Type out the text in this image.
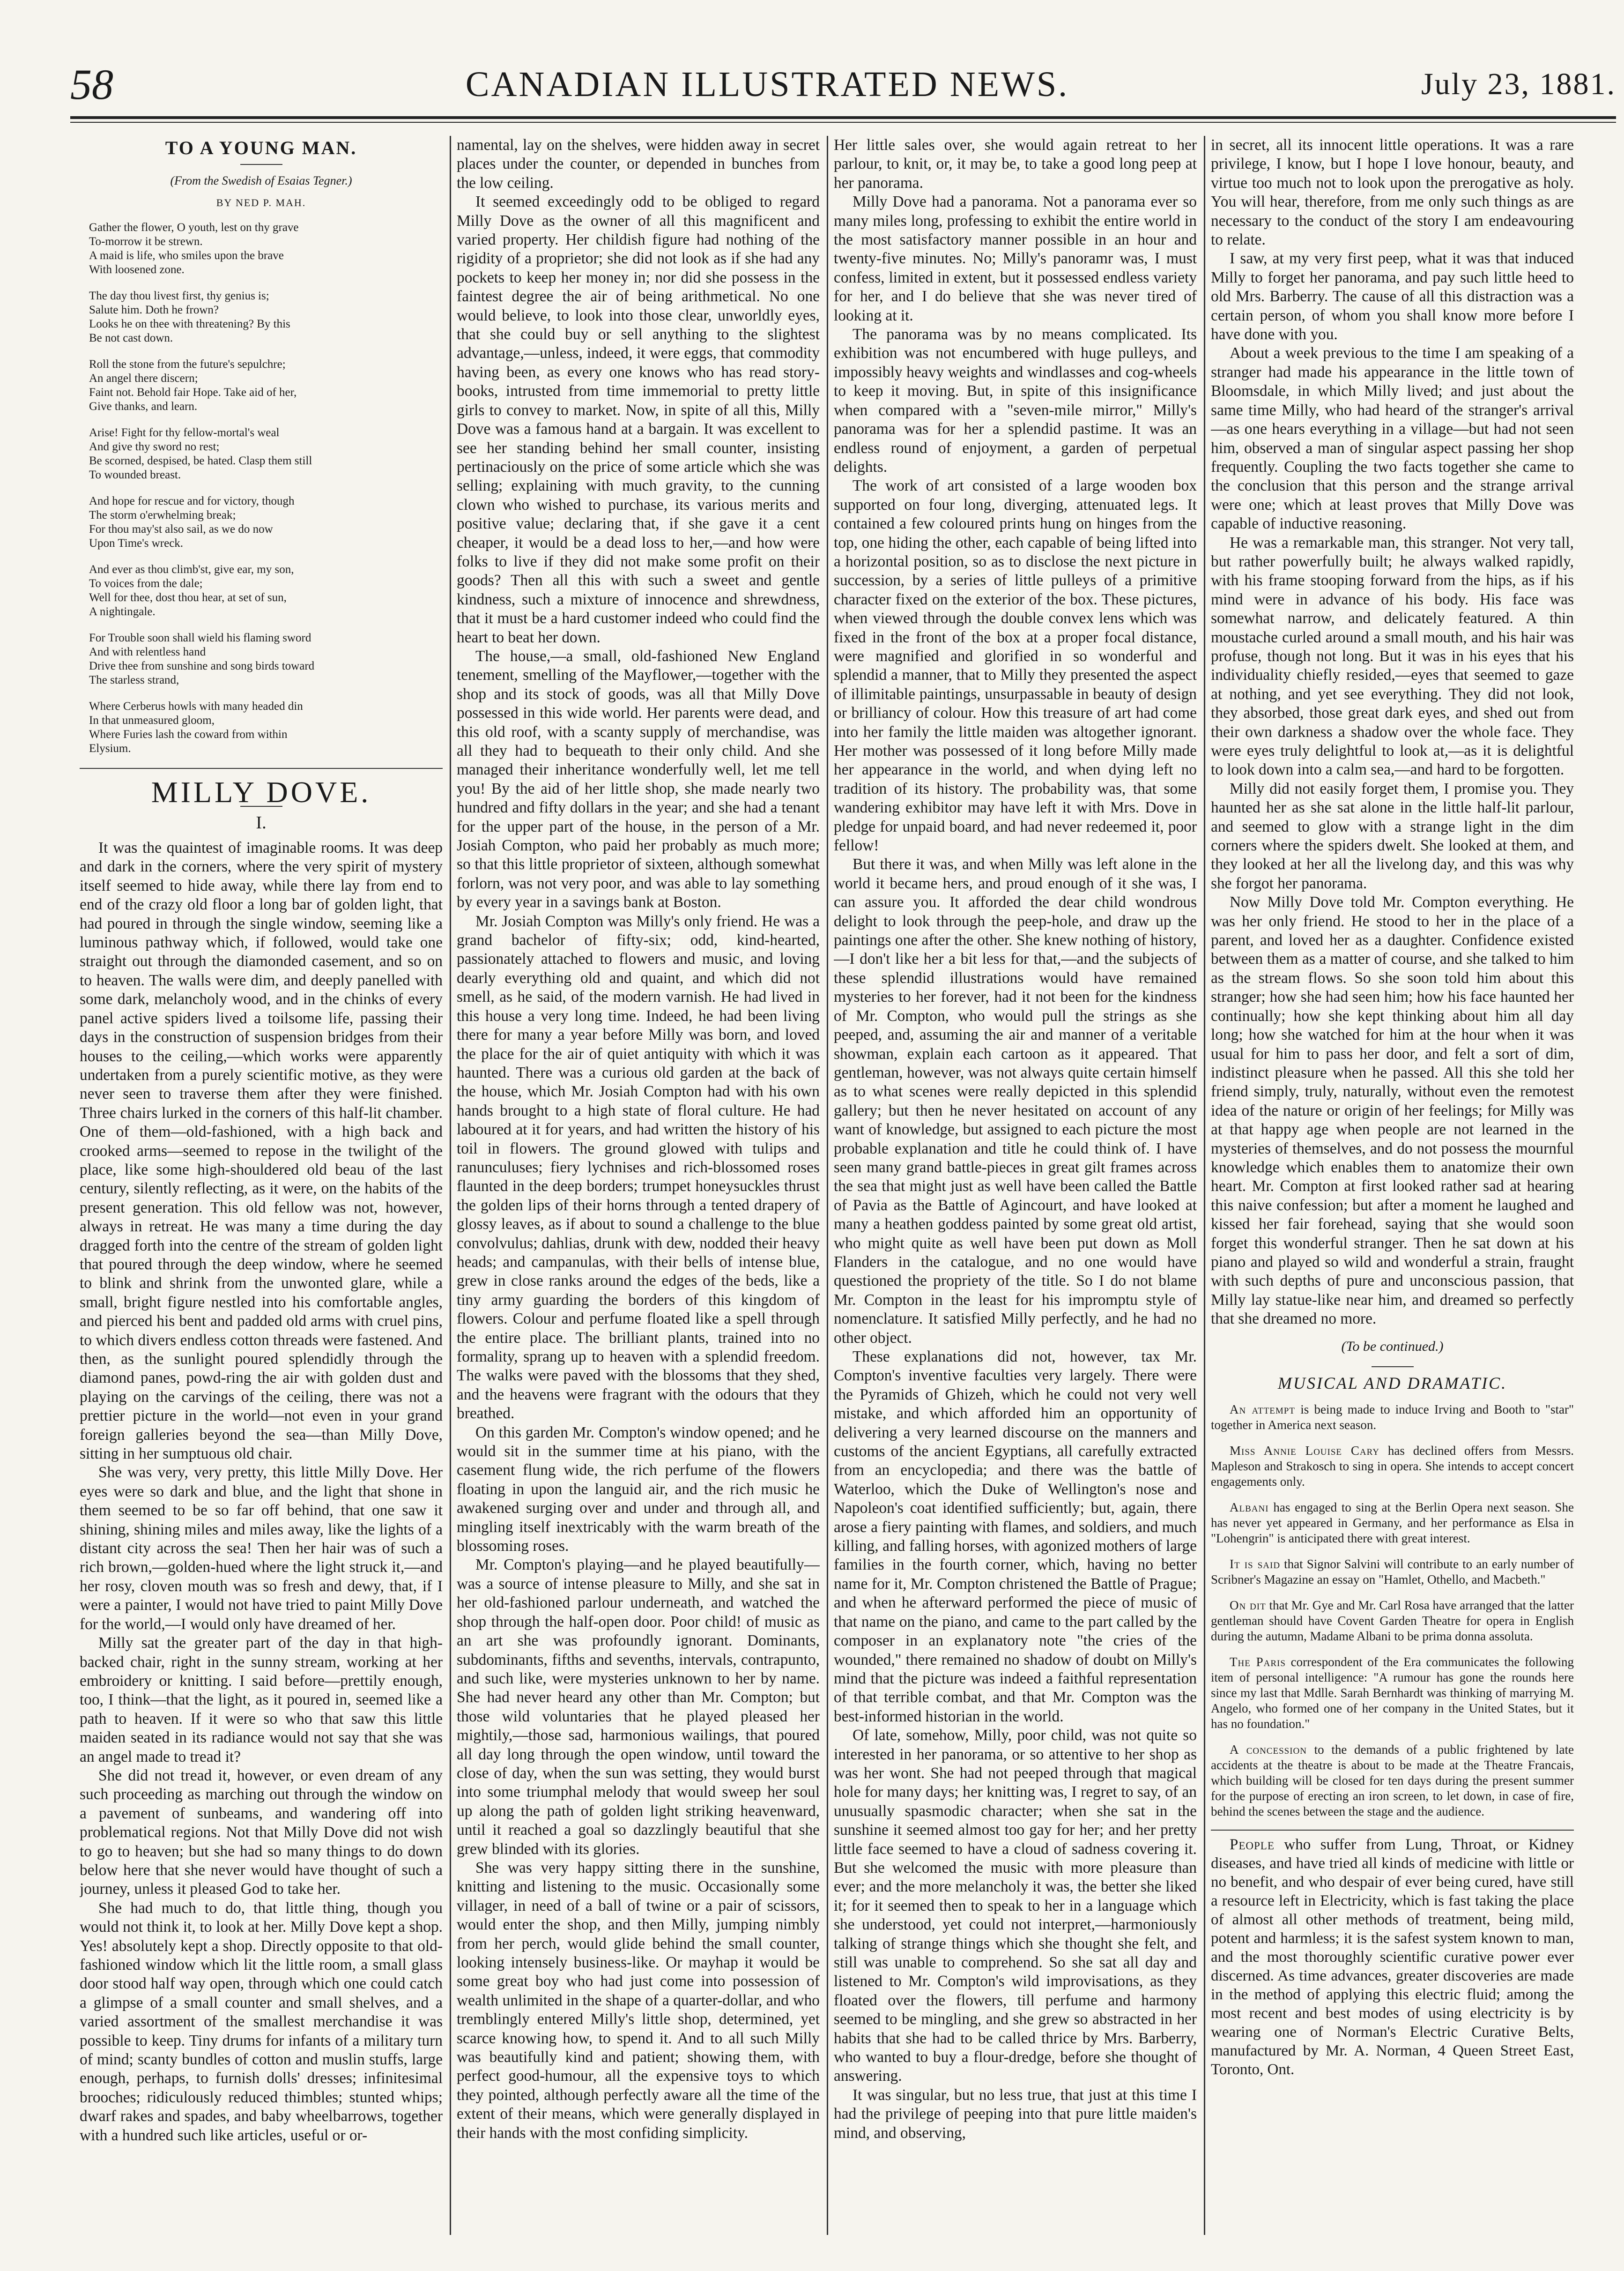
58	CANADIAN ILLUSTRATED NEWS.	July 23, 1881.
TO A YOUNG MAN.
(From the Swedish of Esaias Tegner.)
BY NED P. MAH.
Gather the flower, O youth, lest on thy grave
To-morrow it be strewn.
A maid is life, who smiles upon the brave
With loosened zone.
The day thou livest first, thy genius is;
Salute him. Doth he frown?
Looks he on thee with threatening? By this
Be not cast down.
Roll the stone from the future's sepulchre;
An angel there discern;
Faint not. Behold fair Hope. Take aid of her,
Give thanks, and learn.
Arise! Fight for thy fellow-mortal's weal
And give thy sword no rest;
Be scorned, despised, be hated. Clasp them still
To wounded breast.
And hope for rescue and for victory, though
The storm o'erwhelming break;
For thou may'st also sail, as we do now
Upon Time's wreck.
And ever as thou climb'st, give ear, my son,
To voices from the dale;
Well for thee, dost thou hear, at set of sun,
A nightingale.
For Trouble soon shall wield his flaming sword
And with relentless hand
Drive thee from sunshine and song birds toward
The starless strand,
Where Cerberus howls with many headed din
In that unmeasured gloom,
Where Furies lash the coward from within
Elysium.
MILLY DOVE.
I.

It was the quaintest of imaginable rooms. It was deep and dark in the corners, where the very spirit of mystery itself seemed to hide away, while there lay from end to end of the crazy old floor a long bar of golden light, that had poured in through the single window, seeming like a luminous pathway which, if followed, would take one straight out through the diamonded casement, and so on to heaven. The walls were dim, and deeply panelled with some dark, melancholy wood, and in the chinks of every panel active spiders lived a toilsome life, passing their days in the construction of suspension bridges from their houses to the ceiling,—which works were apparently undertaken from a purely scientific motive, as they were never seen to traverse them after they were finished. Three chairs lurked in the corners of this half-lit chamber. One of them—old-fashioned, with a high back and crooked arms—seemed to repose in the twilight of the place, like some high-shouldered old beau of the last century, silently reflecting, as it were, on the habits of the present generation. This old fellow was not, however, always in retreat. He was many a time during the day dragged forth into the centre of the stream of golden light that poured through the deep window, where he seemed to blink and shrink from the unwonted glare, while a small, bright figure nestled into his comfortable angles, and pierced his bent and padded old arms with cruel pins, to which divers endless cotton threads were fastened. And then, as the sunlight poured splendidly through the diamond panes, powd-ring the air with golden dust and playing on the carvings of the ceiling, there was not a prettier picture in the world—not even in your grand foreign galleries beyond the sea—than Milly Dove, sitting in her sumptuous old chair.

She was very, very pretty, this little Milly Dove. Her eyes were so dark and blue, and the light that shone in them seemed to be so far off behind, that one saw it shining, shining miles and miles away, like the lights of a distant city across the sea! Then her hair was of such a rich brown,—golden-hued where the light struck it,—and her rosy, cloven mouth was so fresh and dewy, that, if I were a painter, I would not have tried to paint Milly Dove for the world,—I would only have dreamed of her.

Milly sat the greater part of the day in that high-backed chair, right in the sunny stream, working at her embroidery or knitting. I said before—prettily enough, too, I think—that the light, as it poured in, seemed like a path to heaven. If it were so who that saw this little maiden seated in its radiance would not say that she was an angel made to tread it?

She did not tread it, however, or even dream of any such proceeding as marching out through the window on a pavement of sunbeams, and wandering off into problematical regions. Not that Milly Dove did not wish to go to heaven; but she had so many things to do down below here that she never would have thought of such a journey, unless it pleased God to take her.

She had much to do, that little thing, though you would not think it, to look at her. Milly Dove kept a shop. Yes! absolutely kept a shop. Directly opposite to that old-fashioned window which lit the little room, a small glass door stood half way open, through which one could catch a glimpse of a small counter and small shelves, and a varied assortment of the smallest merchandise it was possible to keep. Tiny drums for infants of a military turn of mind; scanty bundles of cotton and muslin stuffs, large enough, perhaps, to furnish dolls' dresses; infinitesimal brooches; ridiculously reduced thimbles; stunted whips; dwarf rakes and spades, and baby wheelbarrows, together with a hundred such like articles, useful or or-

namental, lay on the shelves, were hidden away in secret places under the counter, or depended in bunches from the low ceiling.

It seemed exceedingly odd to be obliged to regard Milly Dove as the owner of all this magnificent and varied property. Her childish figure had nothing of the rigidity of a proprietor; she did not look as if she had any pockets to keep her money in; nor did she possess in the faintest degree the air of being arithmetical. No one would believe, to look into those clear, unworldly eyes, that she could buy or sell anything to the slightest advantage,—unless, indeed, it were eggs, that commodity having been, as every one knows who has read story-books, intrusted from time immemorial to pretty little girls to convey to market. Now, in spite of all this, Milly Dove was a famous hand at a bargain. It was excellent to see her standing behind her small counter, insisting pertinaciously on the price of some article which she was selling; explaining with much gravity, to the cunning clown who wished to purchase, its various merits and positive value; declaring that, if she gave it a cent cheaper, it would be a dead loss to her,—and how were folks to live if they did not make some profit on their goods? Then all this with such a sweet and gentle kindness, such a mixture of innocence and shrewdness, that it must be a hard customer indeed who could find the heart to beat her down.

The house,—a small, old-fashioned New England tenement, smelling of the Mayflower,—together with the shop and its stock of goods, was all that Milly Dove possessed in this wide world. Her parents were dead, and this old roof, with a scanty supply of merchandise, was all they had to bequeath to their only child. And she managed their inheritance wonderfully well, let me tell you! By the aid of her little shop, she made nearly two hundred and fifty dollars in the year; and she had a tenant for the upper part of the house, in the person of a Mr. Josiah Compton, who paid her probably as much more; so that this little proprietor of sixteen, although somewhat forlorn, was not very poor, and was able to lay something by every year in a savings bank at Boston.

Mr. Josiah Compton was Milly's only friend. He was a grand bachelor of fifty-six; odd, kind-hearted, passionately attached to flowers and music, and loving dearly everything old and quaint, and which did not smell, as he said, of the modern varnish. He had lived in this house a very long time. Indeed, he had been living there for many a year before Milly was born, and loved the place for the air of quiet antiquity with which it was haunted. There was a curious old garden at the back of the house, which Mr. Josiah Compton had with his own hands brought to a high state of floral culture. He had laboured at it for years, and had written the history of his toil in flowers. The ground glowed with tulips and ranunculuses; fiery lychnises and rich-blossomed roses flaunted in the deep borders; trumpet honeysuckles thrust the golden lips of their horns through a tented drapery of glossy leaves, as if about to sound a challenge to the blue convolvulus; dahlias, drunk with dew, nodded their heavy heads; and campanulas, with their bells of intense blue, grew in close ranks around the edges of the beds, like a tiny army guarding the borders of this kingdom of flowers. Colour and perfume floated like a spell through the entire place. The brilliant plants, trained into no formality, sprang up to heaven with a splendid freedom. The walks were paved with the blossoms that they shed, and the heavens were fragrant with the odours that they breathed.

On this garden Mr. Compton's window opened; and he would sit in the summer time at his piano, with the casement flung wide, the rich perfume of the flowers floating in upon the languid air, and the rich music he awakened surging over and under and through all, and mingling itself inextricably with the warm breath of the blossoming roses.

Mr. Compton's playing—and he played beautifully—was a source of intense pleasure to Milly, and she sat in her old-fashioned parlour underneath, and watched the shop through the half-open door. Poor child! of music as an art she was profoundly ignorant. Dominants, subdominants, fifths and sevenths, intervals, contrapunto, and such like, were mysteries unknown to her by name. She had never heard any other than Mr. Compton; but those wild voluntaries that he played pleased her mightily,—those sad, harmonious wailings, that poured all day long through the open window, until toward the close of day, when the sun was setting, they would burst into some triumphal melody that would sweep her soul up along the path of golden light striking heavenward, until it reached a goal so dazzlingly beautiful that she grew blinded with its glories.

She was very happy sitting there in the sunshine, knitting and listening to the music. Occasionally some villager, in need of a ball of twine or a pair of scissors, would enter the shop, and then Milly, jumping nimbly from her perch, would glide behind the small counter, looking intensely business-like. Or mayhap it would be some great boy who had just come into possession of wealth unlimited in the shape of a quarter-dollar, and who tremblingly entered Milly's little shop, determined, yet scarce knowing how, to spend it. And to all such Milly was beautifully kind and patient; showing them, with perfect good-humour, all the expensive toys to which they pointed, although perfectly aware all the time of the extent of their means, which were generally displayed in their hands with the most confiding simplicity.

Her little sales over, she would again retreat to her parlour, to knit, or, it may be, to take a good long peep at her panorama.

Milly Dove had a panorama. Not a panorama ever so many miles long, professing to exhibit the entire world in the most satisfactory manner possible in an hour and twenty-five minutes. No; Milly's panoramr was, I must confess, limited in extent, but it possessed endless variety for her, and I do believe that she was never tired of looking at it.

The panorama was by no means complicated. Its exhibition was not encumbered with huge pulleys, and impossibly heavy weights and windlasses and cog-wheels to keep it moving. But, in spite of this insignificance when compared with a "seven-mile mirror," Milly's panorama was for her a splendid pastime. It was an endless round of enjoyment, a garden of perpetual delights.

The work of art consisted of a large wooden box supported on four long, diverging, attenuated legs. It contained a few coloured prints hung on hinges from the top, one hiding the other, each capable of being lifted into a horizontal position, so as to disclose the next picture in succession, by a series of little pulleys of a primitive character fixed on the exterior of the box. These pictures, when viewed through the double convex lens which was fixed in the front of the box at a proper focal distance, were magnified and glorified in so wonderful and splendid a manner, that to Milly they presented the aspect of illimitable paintings, unsurpassable in beauty of design or brilliancy of colour. How this treasure of art had come into her family the little maiden was altogether ignorant. Her mother was possessed of it long before Milly made her appearance in the world, and when dying left no tradition of its history. The probability was, that some wandering exhibitor may have left it with Mrs. Dove in pledge for unpaid board, and had never redeemed it, poor fellow!

But there it was, and when Milly was left alone in the world it became hers, and proud enough of it she was, I can assure you. It afforded the dear child wondrous delight to look through the peep-hole, and draw up the paintings one after the other. She knew nothing of history,—I don't like her a bit less for that,—and the subjects of these splendid illustrations would have remained mysteries to her forever, had it not been for the kindness of Mr. Compton, who would pull the strings as she peeped, and, assuming the air and manner of a veritable showman, explain each cartoon as it appeared. That gentleman, however, was not always quite certain himself as to what scenes were really depicted in this splendid gallery; but then he never hesitated on account of any want of knowledge, but assigned to each picture the most probable explanation and title he could think of. I have seen many grand battle-pieces in great gilt frames across the sea that might just as well have been called the Battle of Pavia as the Battle of Agincourt, and have looked at many a heathen goddess painted by some great old artist, who might quite as well have been put down as Moll Flanders in the catalogue, and no one would have questioned the propriety of the title. So I do not blame Mr. Compton in the least for his impromptu style of nomenclature. It satisfied Milly perfectly, and he had no other object.

These explanations did not, however, tax Mr. Compton's inventive faculties very largely. There were the Pyramids of Ghizeh, which he could not very well mistake, and which afforded him an opportunity of delivering a very learned discourse on the manners and customs of the ancient Egyptians, all carefully extracted from an encyclopedia; and there was the battle of Waterloo, which the Duke of Wellington's nose and Napoleon's coat identified sufficiently; but, again, there arose a fiery painting with flames, and soldiers, and much killing, and falling horses, with agonized mothers of large families in the fourth corner, which, having no better name for it, Mr. Compton christened the Battle of Prague; and when he afterward performed the piece of music of that name on the piano, and came to the part called by the composer in an explanatory note "the cries of the wounded," there remained no shadow of doubt on Milly's mind that the picture was indeed a faithful representation of that terrible combat, and that Mr. Compton was the best-informed historian in the world.

Of late, somehow, Milly, poor child, was not quite so interested in her panorama, or so attentive to her shop as was her wont. She had not peeped through that magical hole for many days; her knitting was, I regret to say, of an unusually spasmodic character; when she sat in the sunshine it seemed almost too gay for her; and her pretty little face seemed to have a cloud of sadness covering it. But she welcomed the music with more pleasure than ever; and the more melancholy it was, the better she liked it; for it seemed then to speak to her in a language which she understood, yet could not interpret,—harmoniously talking of strange things which she thought she felt, and still was unable to comprehend. So she sat all day and listened to Mr. Compton's wild improvisations, as they floated over the flowers, till perfume and harmony seemed to be mingling, and she grew so abstracted in her habits that she had to be called thrice by Mrs. Barberry, who wanted to buy a flour-dredge, before she thought of answering.

It was singular, but no less true, that just at this time I had the privilege of peeping into that pure little maiden's mind, and observing,

in secret, all its innocent little operations. It was a rare privilege, I know, but I hope I love honour, beauty, and virtue too much not to look upon the prerogative as holy. You will hear, therefore, from me only such things as are necessary to the conduct of the story I am endeavouring to relate.

I saw, at my very first peep, what it was that induced Milly to forget her panorama, and pay such little heed to old Mrs. Barberry. The cause of all this distraction was a certain person, of whom you shall know more before I have done with you.

About a week previous to the time I am speaking of a stranger had made his appearance in the little town of Bloomsdale, in which Milly lived; and just about the same time Milly, who had heard of the stranger's arrival—as one hears everything in a village—but had not seen him, observed a man of singular aspect passing her shop frequently. Coupling the two facts together she came to the conclusion that this person and the strange arrival were one; which at least proves that Milly Dove was capable of inductive reasoning.

He was a remarkable man, this stranger. Not very tall, but rather powerfully built; he always walked rapidly, with his frame stooping forward from the hips, as if his mind were in advance of his body. His face was somewhat narrow, and delicately featured. A thin moustache curled around a small mouth, and his hair was profuse, though not long. But it was in his eyes that his individuality chiefly resided,—eyes that seemed to gaze at nothing, and yet see everything. They did not look, they absorbed, those great dark eyes, and shed out from their own darkness a shadow over the whole face. They were eyes truly delightful to look at,—as it is delightful to look down into a calm sea,—and hard to be forgotten.

Milly did not easily forget them, I promise you. They haunted her as she sat alone in the little half-lit parlour, and seemed to glow with a strange light in the dim corners where the spiders dwelt. She looked at them, and they looked at her all the livelong day, and this was why she forgot her panorama.

Now Milly Dove told Mr. Compton everything. He was her only friend. He stood to her in the place of a parent, and loved her as a daughter. Confidence existed between them as a matter of course, and she talked to him as the stream flows. So she soon told him about this stranger; how she had seen him; how his face haunted her continually; how she kept thinking about him all day long; how she watched for him at the hour when it was usual for him to pass her door, and felt a sort of dim, indistinct pleasure when he passed. All this she told her friend simply, truly, naturally, without even the remotest idea of the nature or origin of her feelings; for Milly was at that happy age when people are not learned in the mysteries of themselves, and do not possess the mournful knowledge which enables them to anatomize their own heart. Mr. Compton at first looked rather sad at hearing this naive confession; but after a moment he laughed and kissed her fair forehead, saying that she would soon forget this wonderful stranger. Then he sat down at his piano and played so wild and wonderful a strain, fraught with such depths of pure and unconscious passion, that Milly lay statue-like near him, and dreamed so perfectly that she dreamed no more.

(To be continued.)
MUSICAL AND DRAMATIC.

An attempt is being made to induce Irving and Booth to "star" together in America next season.

Miss Annie Louise Cary has declined offers from Messrs. Mapleson and Strakosch to sing in opera. She intends to accept concert engagements only.

Albani has engaged to sing at the Berlin Opera next season. She has never yet appeared in Germany, and her performance as Elsa in "Lohengrin" is anticipated there with great interest.

It is said that Signor Salvini will contribute to an early number of Scribner's Magazine an essay on "Hamlet, Othello, and Macbeth."

On dit that Mr. Gye and Mr. Carl Rosa have arranged that the latter gentleman should have Covent Garden Theatre for opera in English during the autumn, Madame Albani to be prima donna assoluta.

The Paris correspondent of the Era communicates the following item of personal intelligence: "A rumour has gone the rounds here since my last that Mdlle. Sarah Bernhardt was thinking of marrying M. Angelo, who formed one of her company in the United States, but it has no foundation."

A concession to the demands of a public frightened by late accidents at the theatre is about to be made at the Theatre Francais, which building will be closed for ten days during the present summer for the purpose of erecting an iron screen, to let down, in case of fire, behind the scenes between the stage and the audience.

People who suffer from Lung, Throat, or Kidney diseases, and have tried all kinds of medicine with little or no benefit, and who despair of ever being cured, have still a resource left in Electricity, which is fast taking the place of almost all other methods of treatment, being mild, potent and harmless; it is the safest system known to man, and the most thoroughly scientific curative power ever discerned. As time advances, greater discoveries are made in the method of applying this electric fluid; among the most recent and best modes of using electricity is by wearing one of Norman's Electric Curative Belts, manufactured by Mr. A. Norman, 4 Queen Street East, Toronto, Ont.
